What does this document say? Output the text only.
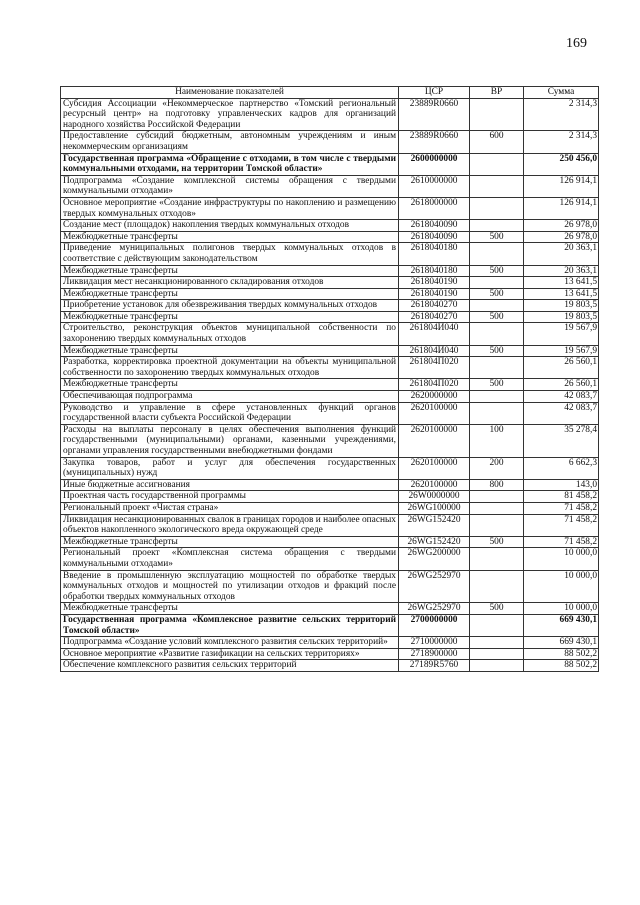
169
Наименование показателей	ЦСР	ВР	Сумма
Субсидия Ассоциации «Некоммерческое партнерство «Томский региональный ресурсный центр» на подготовку управленческих кадров для организаций народного хозяйства Российской Федерации	23889R0660		2 314,3
Предоставление субсидий бюджетным, автономным учреждениям и иным некоммерческим организациям	23889R0660	600	2 314,3
Государственная программа «Обращение с отходами, в том числе с твердыми коммунальными отходами, на территории Томской области»	2600000000		250 456,0
Подпрограмма «Создание комплексной системы обращения с твердыми коммунальными отходами»	2610000000		126 914,1
Основное мероприятие «Создание инфраструктуры по накоплению и размещению твердых коммунальных отходов»	2618000000		126 914,1
Создание мест (площадок) накопления твердых коммунальных отходов	2618040090		26 978,0
Межбюджетные трансферты	2618040090	500	26 978,0
Приведение муниципальных полигонов твердых коммунальных отходов в соответствие с действующим законодательством	2618040180		20 363,1
Межбюджетные трансферты	2618040180	500	20 363,1
Ликвидация мест несанкционированного складирования отходов	2618040190		13 641,5
Межбюджетные трансферты	2618040190	500	13 641,5
Приобретение установок для обезвреживания твердых коммунальных отходов	2618040270		19 803,5
Межбюджетные трансферты	2618040270	500	19 803,5
Строительство, реконструкция объектов муниципальной собственности по захоронению твердых коммунальных отходов	261804И040		19 567,9
Межбюджетные трансферты	261804И040	500	19 567,9
Разработка, корректировка проектной документации на объекты муниципальной собственности по захоронению твердых коммунальных отходов	261804П020		26 560,1
Межбюджетные трансферты	261804П020	500	26 560,1
Обеспечивающая подпрограмма	2620000000		42 083,7
Руководство и управление в сфере установленных функций органов государственной власти субъекта Российской Федерации	2620100000		42 083,7
Расходы на выплаты персоналу в целях обеспечения выполнения функций государственными (муниципальными) органами, казенными учреждениями, органами управления государственными внебюджетными фондами	2620100000	100	35 278,4
Закупка товаров, работ и услуг для обеспечения государственных (муниципальных) нужд	2620100000	200	6 662,3
Иные бюджетные ассигнования	2620100000	800	143,0
Проектная часть государственной программы	26W0000000		81 458,2
Региональный проект «Чистая страна»	26WG100000		71 458,2
Ликвидация несанкционированных свалок в границах городов и наиболее опасных объектов накопленного экологического вреда окружающей среде	26WG152420		71 458,2
Межбюджетные трансферты	26WG152420	500	71 458,2
Региональный проект «Комплексная система обращения с твердыми коммунальными отходами»	26WG200000		10 000,0
Введение в промышленную эксплуатацию мощностей по обработке твердых коммунальных отходов и мощностей по утилизации отходов и фракций после обработки твердых коммунальных отходов	26WG252970		10 000,0
Межбюджетные трансферты	26WG252970	500	10 000,0
Государственная программа «Комплексное развитие сельских территорий Томской области»	2700000000		669 430,1
Подпрограмма «Создание условий комплексного развития сельских территорий»	2710000000		669 430,1
Основное мероприятие «Развитие газификации на сельских территориях»	2718900000		88 502,2
Обеспечение комплексного развития сельских территорий	27189R5760		88 502,2
